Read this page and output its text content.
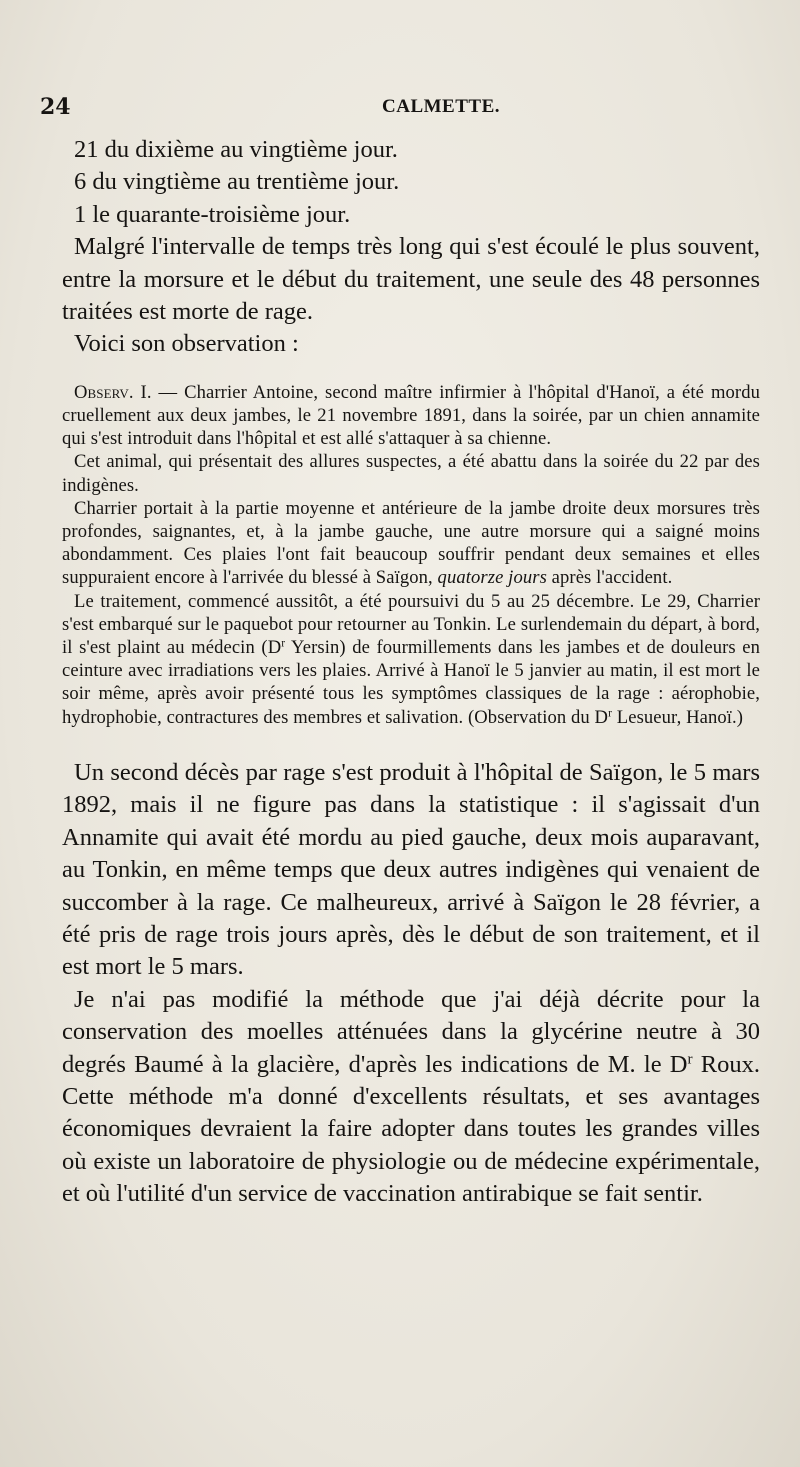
24	CALMETTE.

21 du dixième au vingtième jour.

6 du vingtième au trentième jour.

1 le quarante-troisième jour.

Malgré l'intervalle de temps très long qui s'est écoulé le plus souvent, entre la morsure et le début du traitement, une seule des 48 personnes traitées est morte de rage.

Voici son observation :

Observ. I. — Charrier Antoine, second maître infirmier à l'hôpital d'Hanoï, a été mordu cruellement aux deux jambes, le 21 novembre 1891, dans la soirée, par un chien annamite qui s'est introduit dans l'hôpital et est allé s'attaquer à sa chienne.

Cet animal, qui présentait des allures suspectes, a été abattu dans la soirée du 22 par des indigènes.

Charrier portait à la partie moyenne et antérieure de la jambe droite deux morsures très profondes, saignantes, et, à la jambe gauche, une autre morsure qui a saigné moins abondamment. Ces plaies l'ont fait beaucoup souffrir pendant deux semaines et elles suppuraient encore à l'arrivée du blessé à Saïgon, quatorze jours après l'accident.

Le traitement, commencé aussitôt, a été poursuivi du 5 au 25 décembre. Le 29, Charrier s'est embarqué sur le paquebot pour retourner au Tonkin. Le surlendemain du départ, à bord, il s'est plaint au médecin ($D^r$ Yersin) de fourmillements dans les jambes et de douleurs en ceinture avec irradiations vers les plaies. Arrivé à Hanoï le 5 janvier au matin, il est mort le soir même, après avoir présenté tous les symptômes classiques de la rage : aérophobie, hydrophobie, contractures des membres et salivation. (Observation du $D^r$ Lesueur, Hanoï.)

Un second décès par rage s'est produit à l'hôpital de Saïgon, le 5 mars 1892, mais il ne figure pas dans la statistique : il s'agissait d'un Annamite qui avait été mordu au pied gauche, deux mois auparavant, au Tonkin, en même temps que deux autres indigènes qui venaient de succomber à la rage. Ce malheureux, arrivé à Saïgon le 28 février, a été pris de rage trois jours après, dès le début de son traitement, et il est mort le 5 mars.

Je n'ai pas modifié la méthode que j'ai déjà décrite pour la conservation des moelles atténuées dans la glycérine neutre à 30 degrés Baumé à la glacière, d'après les indications de M. le $D^r$ Roux. Cette méthode m'a donné d'excellents résultats, et ses avantages économiques devraient la faire adopter dans toutes les grandes villes où existe un laboratoire de physiologie ou de médecine expérimentale, et où l'utilité d'un service de vaccination antirabique se fait sentir.
